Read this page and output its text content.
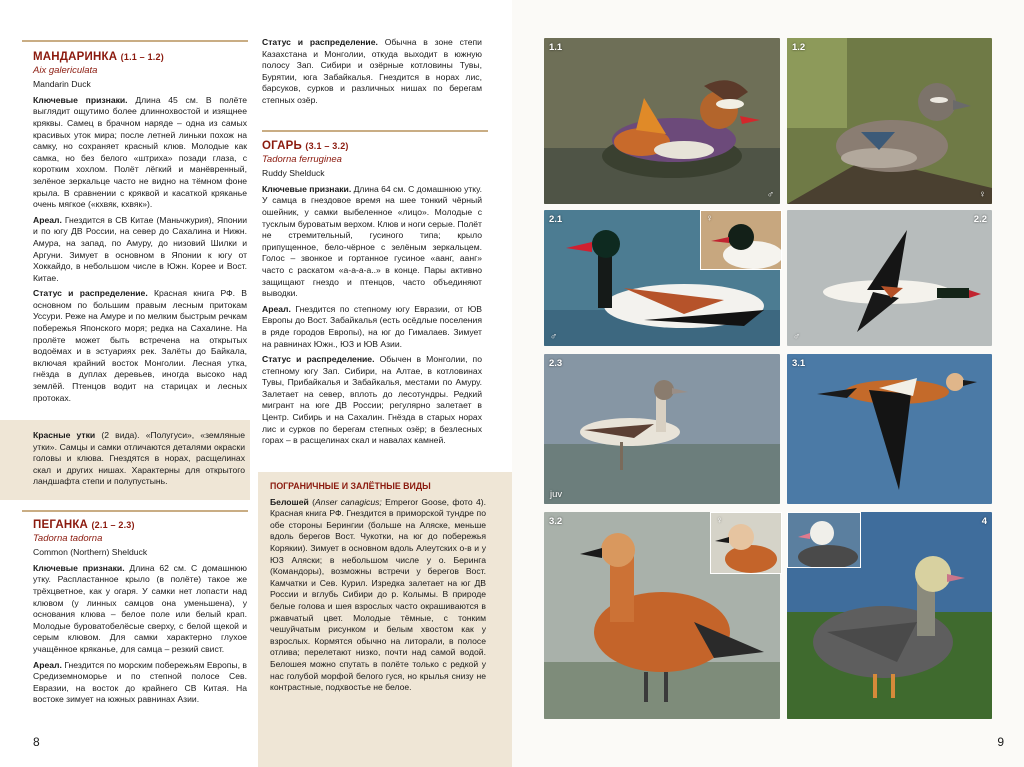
МАНДАРИНКА (1.1 – 1.2)
Aix galericulata
Mandarin Duck

Ключевые признаки. Длина 45 см. В полёте выглядит ощутимо более длиннохвостой и изящнее кряквы. Самец в брачном наряде – одна из самых красивых уток мира; после летней линьки похож на самку, но сохраняет красный клюв. Молодые как самка, но без белого «штриха» позади глаза, с коротким хохлом. Полёт лёгкий и манёвренный, зелёное зеркальце часто не видно на тёмном фоне крыла. В сравнении с кряквой и касаткой кряканье очень мягкое («кхвяк, кхвяк»).

Ареал. Гнездится в СВ Китае (Маньчжурия), Японии и по югу ДВ России, на север до Сахалина и Нижн. Амура, на запад, по Амуру, до низовий Шилки и Аргуни. Зимует в основном в Японии к югу от Хоккайдо, в небольшом числе в Южн. Корее и Вост. Китае.

Статус и распределение. Красная книга РФ. В основном по большим правым лесным притокам Уссури. Реже на Амуре и по мелким быстрым речкам побережья Японского моря; редка на Сахалине. На пролёте может быть встречена на открытых водоёмах и в эстуариях рек. Залёты до Байкала, включая крайний восток Монголии. Лесная утка, гнёзда в дуплах деревьев, иногда высоко над землёй. Птенцов водит на старицах и лесных протоках.

Красные утки (2 вида). «Полугуси», «земляные утки». Самцы и самки отличаются деталями окраски головы и клюва. Гнездятся в норах, расщелинах скал и других нишах. Характерны для открытого ландшафта степи и полупустынь.

ПЕГАНКА (2.1 – 2.3)
Tadorna tadorna
Common (Northern) Shelduck

Ключевые признаки. Длина 62 см. С домашнюю утку. Распластанное крыло (в полёте) такое же трёхцветное, как у огаря. У самки нет лопасти над клювом (у линных самцов она уменьшена), у основания клюва – белое поле или белый крап. Молодые буроватобелёсые сверху, с белой щекой и серым клювом. Для самки характерно глухое учащённое кряканье, для самца – резкий свист.

Ареал. Гнездится по морским побережьям Европы, в Средиземноморье и по степной полосе Сев. Евразии, на восток до крайнего СВ Китая. На востоке зимует на южных равнинах Азии.

Статус и распределение. Обычна в зоне степи Казахстана и Монголии, откуда выходит в южную полосу Зап. Сибири и озёрные котловины Тувы, Бурятии, юга Забайкалья. Гнездится в норах лис, барсуков, сурков и различных нишах по берегам степных озёр.

ОГАРЬ (3.1 – 3.2)
Tadorna ferruginea
Ruddy Shelduck

Ключевые признаки. Длина 64 см. С домашнюю утку. У самца в гнездовое время на шее тонкий чёрный ошейник, у самки выбеленное «лицо». Молодые с тусклым буроватым верхом. Клюв и ноги серые. Полёт не стремительный, гусиного типа; крыло припущенное, бело-чёрное с зелёным зеркальцем. Голос – звонкое и гортанное гусиное «аанг, аанг» часто с раскатом «а-а-а-а..» в конце. Пары активно защищают гнездо и птенцов, часто объединяют выводки.

Ареал. Гнездится по степному югу Евразии, от ЮВ Европы до Вост. Забайкалья (есть осёдлые поселения в ряде городов Европы), на юг до Гималаев. Зимует на равнинах Южн., ЮЗ и ЮВ Азии.

Статус и распределение. Обычен в Монголии, по степному югу Зап. Сибири, на Алтае, в котловинах Тувы, Прибайкалья и Забайкалья, местами по Амуру. Залетает на север, вплоть до лесотундры. Редкий мигрант на юге ДВ России; регулярно залетает в Центр. Сибирь и на Сахалин. Гнёзда в старых норах лис и сурков по берегам степных озёр; в безлесных горах – в расщелинах скал и навалах камней.

ПОГРАНИЧНЫЕ И ЗАЛЁТНЫЕ ВИДЫ

Белошей (Anser canagicus; Emperor Goose, фото 4). Красная книга РФ. Гнездится в приморской тундре по обе стороны Берингии (больше на Аляске, меньше вдоль берегов Вост. Чукотки, на юг до побережья Корякии). Зимует в основном вдоль Алеутских о-в и у ЮЗ Аляски; в небольшом числе у о. Беринга (Командоры), возможны встречи у берегов Вост. Камчатки и Сев. Курил. Изредка залетает на юг ДВ России и вглубь Сибири до р. Колымы. В природе белые голова и шея взрослых часто окрашиваются в ржавчатый цвет. Молодые тёмные, с тонким чешуйчатым рисунком и белым хвостом как у взрослых. Кормятся обычно на литорали, в полосе отлива; перелетают низко, почти над самой водой. Белошея можно спутать в полёте только с редкой у нас голубой морфой белого гуся, но крылья снизу не контрастные, подхвостье не белое.

8
1.1
♂
1.2
♀
2.1
♂
♀	2.2
♂
2.3
juv
3.1
3.2	♀	4
9
